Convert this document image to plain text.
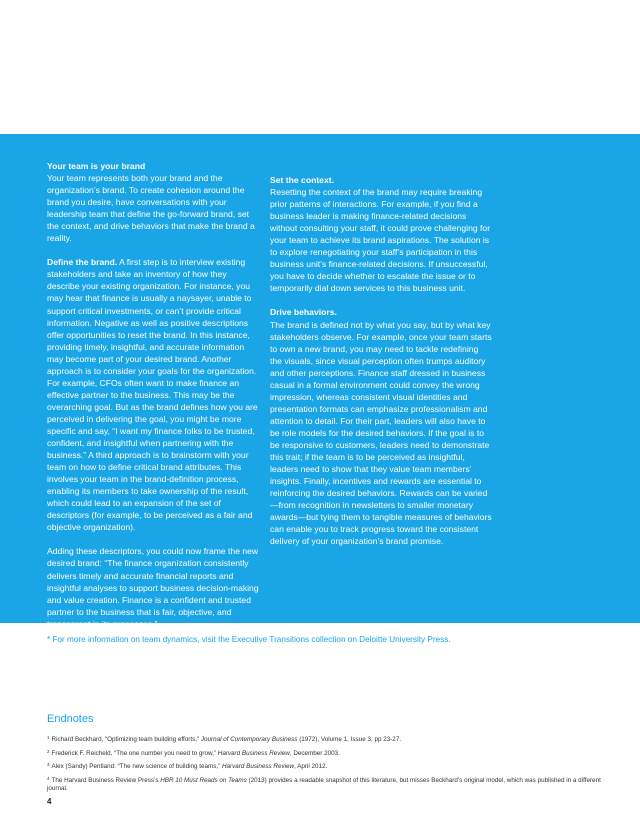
Your team is your brand
Your team represents both your brand and the organization’s brand. To create cohesion around the brand you desire, have conversations with your leadership team that define the go-forward brand, set the context, and drive behaviors that make the brand a reality.

Define the brand. A first step is to interview existing stakeholders and take an inventory of how they describe your existing organization. For instance, you may hear that finance is usually a naysayer, unable to support critical investments, or can’t provide critical information. Negative as well as positive descriptions offer opportunities to reset the brand. In this instance, providing timely, insightful, and accurate information may become part of your desired brand. Another approach is to consider your goals for the organization. For example, CFOs often want to make finance an effective partner to the business. This may be the overarching goal. But as the brand defines how you are perceived in delivering the goal, you might be more specific and say, “I want my finance folks to be trusted, confident, and insightful when partnering with the business.” A third approach is to brainstorm with your team on how to define critical brand attributes. This involves your team in the brand-definition process, enabling its members to take ownership of the result, which could lead to an expansion of the set of descriptors (for example, to be perceived as a fair and objective organization).

Adding these descriptors, you could now frame the new desired brand: “The finance organization consistently delivers timely and accurate financial reports and insightful analyses to support business decision-making and value creation. Finance is a confident and trusted partner to the business that is fair, objective, and transparent in its processes.”

Set the context.
Resetting the context of the brand may require breaking prior patterns of interactions. For example, if you find a business leader is making finance-related decisions without consulting your staff, it could prove challenging for your team to achieve its brand aspirations. The solution is to explore renegotiating your staff’s participation in this business unit’s finance-related decisions. If unsuccessful, you have to decide whether to escalate the issue or to temporarily dial down services to this business unit.

Drive behaviors.
The brand is defined not by what you say, but by what key stakeholders observe. For example, once your team starts to own a new brand, you may need to tackle redefining the visuals, since visual perception often trumps auditory and other perceptions. Finance staff dressed in business casual in a formal environment could convey the wrong impression, whereas consistent visual identities and presentation formats can emphasize professionalism and attention to detail. For their part, leaders will also have to be role models for the desired behaviors. If the goal is to be responsive to customers, leaders need to demonstrate this trait; if the team is to be perceived as insightful, leaders need to show that they value team members’ insights. Finally, incentives and rewards are essential to reinforcing the desired behaviors. Rewards can be varied—from recognition in newsletters to smaller monetary awards—but tying them to tangible measures of behaviors can enable you to track progress toward the consistent delivery of your organization’s brand promise.

* For more information on team dynamics, visit the Executive Transitions collection on Deloitte University Press.
Endnotes
$^1$ Richard Beckhard, “Optimizing team building efforts,” Journal of Contemporary Business (1972), Volume 1, Issue 3, pp 23-27.
$^2$ Frederick F. Reicheld, “The one number you need to grow,” Harvard Business Review, December 2003.
$^3$ Alex (Sandy) Pentland: “The new science of building teams,” Harvard Business Review, April 2012.
$^4$ The Harvard Business Review Press’s HBR 10 Must Reads on Teams (2013) provides a readable snapshot of this literature, but misses Beckhard’s original model, which was published in a different journal.
4
